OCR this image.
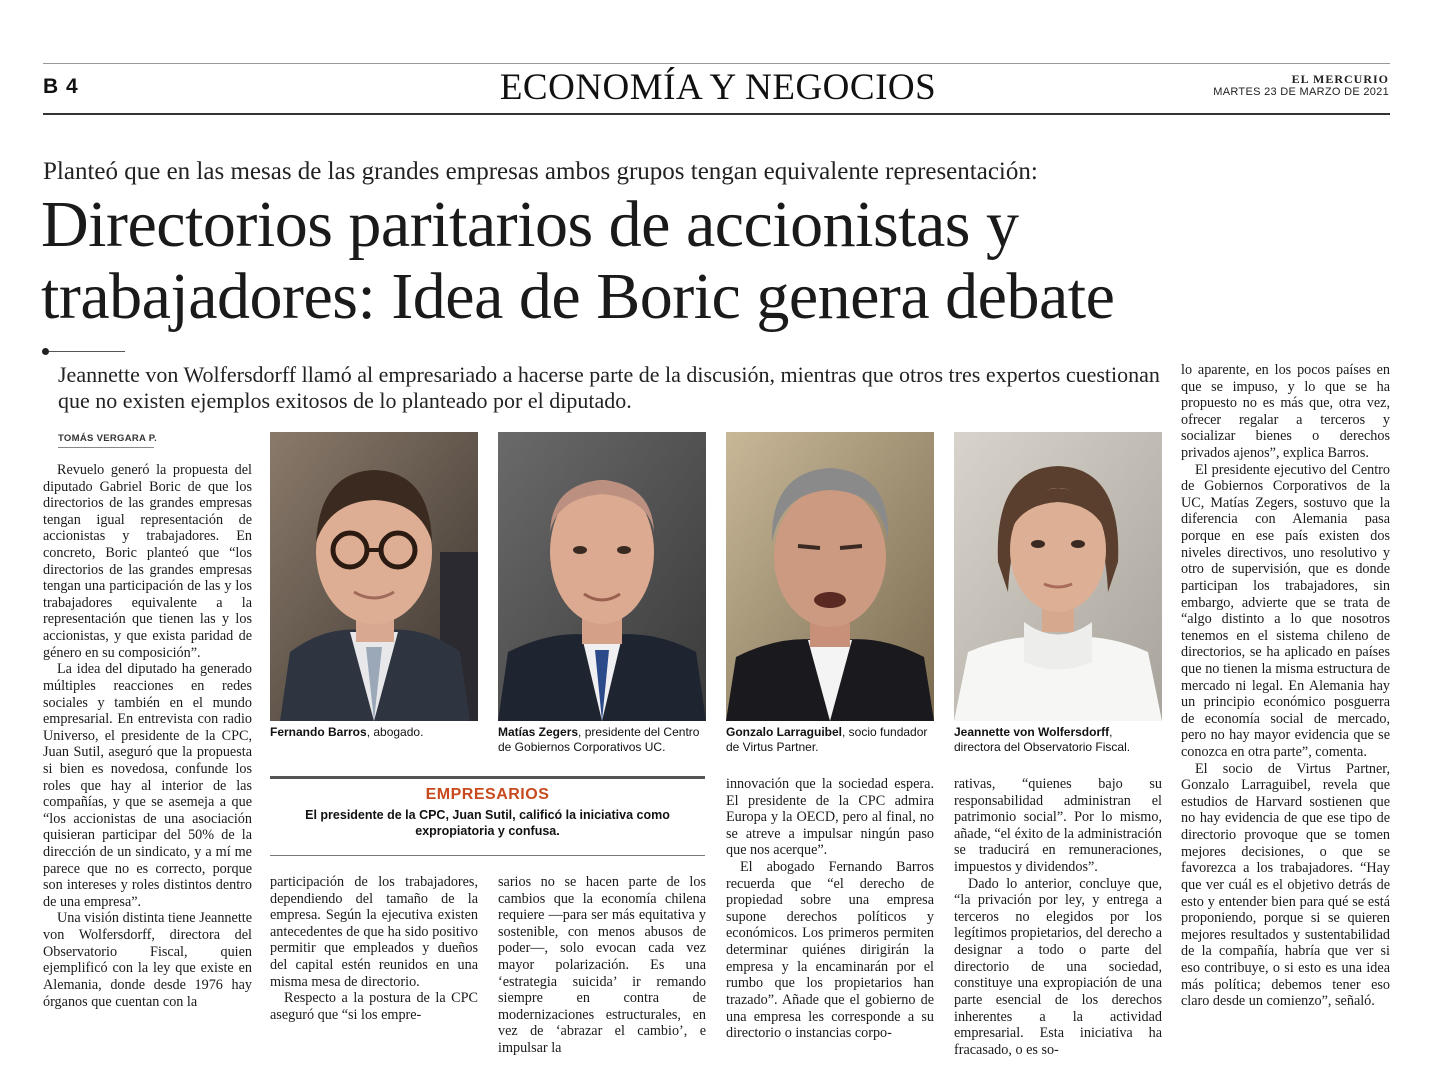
B 4	ECONOMÍA Y NEGOCIOS	EL MERCURIO
MARTES 23 DE MARZO DE 2021
Planteó que en las mesas de las grandes empresas ambos grupos tengan equivalente representación:
Directorios paritarios de accionistas y
trabajadores: Idea de Boric genera debate
Jeannette von Wolfersdorff llamó al empresariado a hacerse parte de la discusión, mientras que otros tres expertos cuestionan que no existen ejemplos exitosos de lo planteado por el diputado.
TOMÁS VERGARA P.

Revuelo generó la propuesta del diputado Gabriel Boric de que los directorios de las grandes empresas tengan igual representación de accionistas y trabajadores. En concreto, Boric planteó que “los directorios de las grandes empresas tengan una participación de las y los trabajadores equivalente a la representación que tienen las y los accionistas, y que exista paridad de género en su composición”.

La idea del diputado ha generado múltiples reacciones en redes sociales y también en el mundo empresarial. En entrevista con radio Universo, el presidente de la CPC, Juan Sutil, aseguró que la propuesta si bien es novedosa, confunde los roles que hay al interior de las compañías, y que se asemeja a que “los accionistas de una asociación quisieran participar del 50% de la dirección de un sindicato, y a mí me parece que no es correcto, porque son intereses y roles distintos dentro de una empresa”.

Una visión distinta tiene Jeannette von Wolfersdorff, directora del Observatorio Fiscal, quien ejemplificó con la ley que existe en Alemania, donde desde 1976 hay órganos que cuentan con la

Fernando Barros, abogado.	Matías Zegers, presidente del Centro de Gobiernos Corporativos UC.
Gonzalo Larraguibel, socio fundador de Virtus Partner.
Jeannette von Wolfersdorff, directora del Observatorio Fiscal.
EMPRESARIOS
El presidente de la CPC, Juan Sutil, calificó la iniciativa como expropiatoria y confusa.

participación de los trabajadores, dependiendo del tamaño de la empresa. Según la ejecutiva existen antecedentes de que ha sido positivo permitir que empleados y dueños del capital estén reunidos en una misma mesa de directorio.

Respecto a la postura de la CPC aseguró que “si los empre-

sarios no se hacen parte de los cambios que la economía chilena requiere —para ser más equitativa y sostenible, con menos abusos de poder—, solo evocan cada vez mayor polarización. Es una ‘estrategia suicida’ ir remando siempre en contra de modernizaciones estructurales, en vez de ‘abrazar el cambio’, e impulsar la

innovación que la sociedad espera. El presidente de la CPC admira Europa y la OECD, pero al final, no se atreve a impulsar ningún paso que nos acerque”.

El abogado Fernando Barros recuerda que “el derecho de propiedad sobre una empresa supone derechos políticos y económicos. Los primeros permiten determinar quiénes dirigirán la empresa y la encaminarán por el rumbo que los propietarios han trazado”. Añade que el gobierno de una empresa les corresponde a su directorio o instancias corpo-

rativas, “quienes bajo su responsabilidad administran el patrimonio social”. Por lo mismo, añade, “el éxito de la administración se traducirá en remuneraciones, impuestos y dividendos”.

Dado lo anterior, concluye que, “la privación por ley, y entrega a terceros no elegidos por los legítimos propietarios, del derecho a designar a todo o parte del directorio de una sociedad, constituye una expropiación de una parte esencial de los derechos inherentes a la actividad empresarial. Esta iniciativa ha fracasado, o es so-

lo aparente, en los pocos países en que se impuso, y lo que se ha propuesto no es más que, otra vez, ofrecer regalar a terceros y socializar bienes o derechos privados ajenos”, explica Barros.

El presidente ejecutivo del Centro de Gobiernos Corporativos de la UC, Matías Zegers, sostuvo que la diferencia con Alemania pasa porque en ese país existen dos niveles directivos, uno resolutivo y otro de supervisión, que es donde participan los trabajadores, sin embargo, advierte que se trata de “algo distinto a lo que nosotros tenemos en el sistema chileno de directorios, se ha aplicado en países que no tienen la misma estructura de mercado ni legal. En Alemania hay un principio económico posguerra de economía social de mercado, pero no hay mayor evidencia que se conozca en otra parte”, comenta.

El socio de Virtus Partner, Gonzalo Larraguibel, revela que estudios de Harvard sostienen que no hay evidencia de que ese tipo de directorio provoque que se tomen mejores decisiones, o que se favorezca a los trabajadores. “Hay que ver cuál es el objetivo detrás de esto y entender bien para qué se está proponiendo, porque si se quieren mejores resultados y sustentabilidad de la compañía, habría que ver si eso contribuye, o si esto es una idea más política; debemos tener eso claro desde un comienzo”, señaló.
